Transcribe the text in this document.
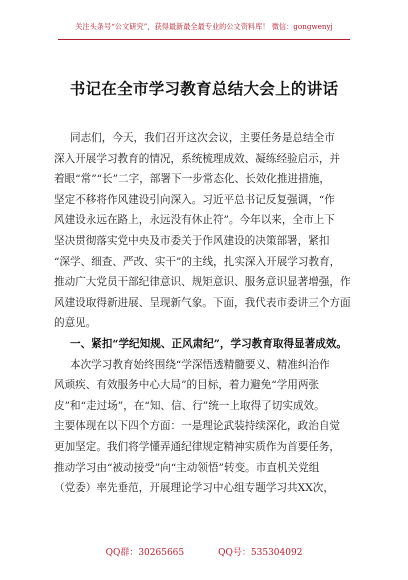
关注头条号“公文研究”，获得最新最全最专业的公文资料库！ 微信：gongwenyj
书记在全市学习教育总结大会上的讲话
同志们，今天，我们召开这次会议，主要任务是总结全市
深入开展学习教育的情况，系统梳理成效、凝练经验启示，并
着眼“常”“长”二字，部署下一步常态化、长效化推进措施，
坚定不移将作风建设引向深入。习近平总书记反复强调，“作
风建设永远在路上，永远没有休止符”。今年以来，全市上下
坚决贯彻落实党中央及市委关于作风建设的决策部署，紧扣
“深学、细查、严改、实干”的主线，扎实深入开展学习教育，
推动广大党员干部纪律意识、规矩意识、服务意识显著增强，作
风建设取得新进展、呈现新气象。下面，我代表市委讲三个方面
的意见。
一、紧扣“学纪知规、正风肃纪”，学习教育取得显著成效。
本次学习教育始终围绕“学深悟透精髓要义、精准纠治作
风顽疾、有效服务中心大局”的目标，着力避免“学用两张
皮”和“走过场”，在“知、信、行”统一上取得了切实成效。
主要体现在以下四个方面：一是理论武装持续深化，政治自觉
更加坚定。我们将学懂弄通纪律规定精神实质作为首要任务，
推动学习由“被动接受”向“主动领悟”转变。市直机关党组
（党委）率先垂范，开展理论学习中心组专题学习共XX次，
QQ群：30265665	QQ号：535304092
